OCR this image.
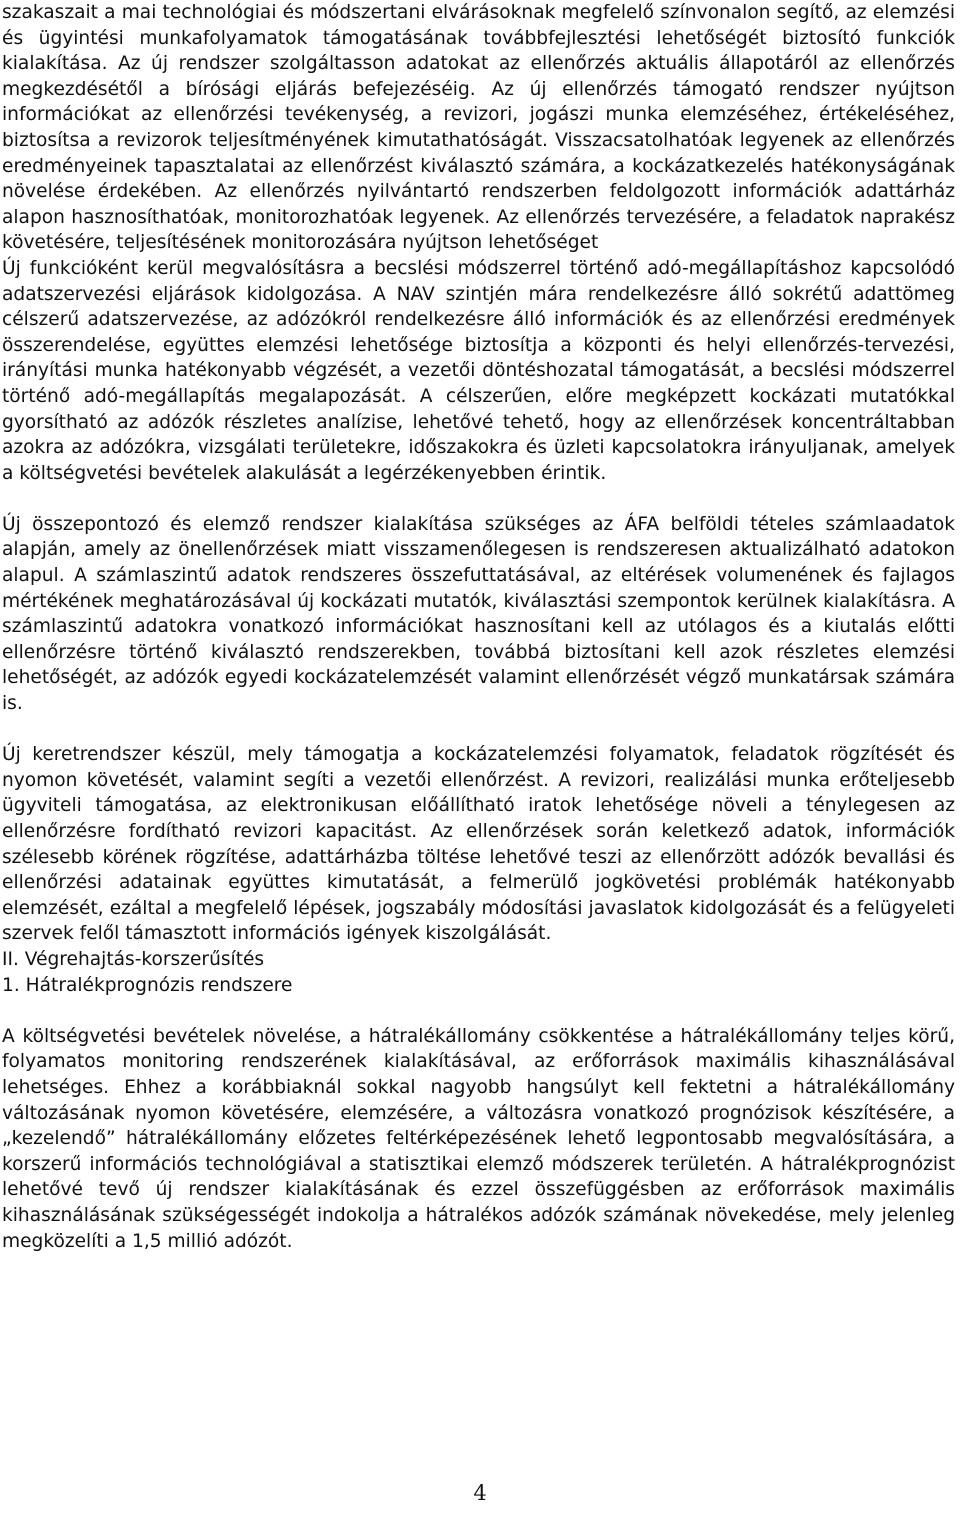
szakaszait a mai technológiai és módszertani elvárásoknak megfelelő színvonalon segítő, az elemzési és ügyintési munkafolyamatok támogatásának továbbfejlesztési lehetőségét biztosító funkciók kialakítása. Az új rendszer szolgáltasson adatokat az ellenőrzés aktuális állapotáról az ellenőrzés megkezdésétől a bírósági eljárás befejezéséig. Az új ellenőrzés támogató rendszer nyújtson információkat az ellenőrzési tevékenység, a revizori, jogászi munka elemzéséhez, értékeléséhez, biztosítsa a revizorok teljesítményének kimutathatóságát. Visszacsatolhatóak legyenek az ellenőrzés eredményeinek tapasztalatai az ellenőrzést kiválasztó számára, a kockázatkezelés hatékonyságának növelése érdekében. Az ellenőrzés nyilvántartó rendszerben feldolgozott információk adattárház alapon hasznosíthatóak, monitorozhatóak legyenek. Az ellenőrzés tervezésére, a feladatok naprakész követésére, teljesítésének monitorozására nyújtson lehetőséget

Új funkcióként kerül megvalósításra a becslési módszerrel történő adó-megállapításhoz kapcsolódó adatszervezési eljárások kidolgozása. A NAV szintjén mára rendelkezésre álló sokrétű adattömeg célszerű adatszervezése, az adózókról rendelkezésre álló információk és az ellenőrzési eredmények összerendelése, együttes elemzési lehetősége biztosítja a központi és helyi ellenőrzés-tervezési, irányítási munka hatékonyabb végzését, a vezetői döntéshozatal támogatását, a becslési módszerrel történő adó-megállapítás megalapozását. A célszerűen, előre megképzett kockázati mutatókkal gyorsítható az adózók részletes analízise, lehetővé tehető, hogy az ellenőrzések koncentráltabban azokra az adózókra, vizsgálati területekre, időszakokra és üzleti kapcsolatokra irányuljanak, amelyek a költségvetési bevételek alakulását a legérzékenyebben érintik.

Új összepontozó és elemző rendszer kialakítása szükséges az ÁFA belföldi tételes számlaadatok alapján, amely az önellenőrzések miatt visszamenőlegesen is rendszeresen aktualizálható adatokon alapul. A számlaszintű adatok rendszeres összefuttatásával, az eltérések volumenének és fajlagos mértékének meghatározásával új kockázati mutatók, kiválasztási szempontok kerülnek kialakításra. A számlaszintű adatokra vonatkozó információkat hasznosítani kell az utólagos és a kiutalás előtti ellenőrzésre történő kiválasztó rendszerekben, továbbá biztosítani kell azok részletes elemzési lehetőségét, az adózók egyedi kockázatelemzését valamint ellenőrzését végző munkatársak számára is.

Új keretrendszer készül, mely támogatja a kockázatelemzési folyamatok, feladatok rögzítését és nyomon követését, valamint segíti a vezetői ellenőrzést. A revizori, realizálási munka erőteljesebb ügyviteli támogatása, az elektronikusan előállítható iratok lehetősége növeli a ténylegesen az ellenőrzésre fordítható revizori kapacitást. Az ellenőrzések során keletkező adatok, információk szélesebb körének rögzítése, adattárházba töltése lehetővé teszi az ellenőrzött adózók bevallási és ellenőrzési adatainak együttes kimutatását, a felmerülő jogkövetési problémák hatékonyabb elemzését, ezáltal a megfelelő lépések, jogszabály módosítási javaslatok kidolgozását és a felügyeleti szervek felől támasztott információs igények kiszolgálását.

II. Végrehajtás-korszerűsítés

1. Hátralékprognózis rendszere

A költségvetési bevételek növelése, a hátralékállomány csökkentése a hátralékállomány teljes körű, folyamatos monitoring rendszerének kialakításával, az erőforrások maximális kihasználásával lehetséges. Ehhez a korábbiaknál sokkal nagyobb hangsúlyt kell fektetni a hátralékállomány változásának nyomon követésére, elemzésére, a változásra vonatkozó prognózisok készítésére, a „kezelendő” hátralékállomány előzetes feltérképezésének lehető legpontosabb megvalósítására, a korszerű információs technológiával a statisztikai elemző módszerek területén. A hátralékprognózist lehetővé tevő új rendszer kialakításának és ezzel összefüggésben az erőforrások maximális kihasználásának szükségességét indokolja a hátralékos adózók számának növekedése, mely jelenleg megközelíti a 1,5 millió adózót.

4
